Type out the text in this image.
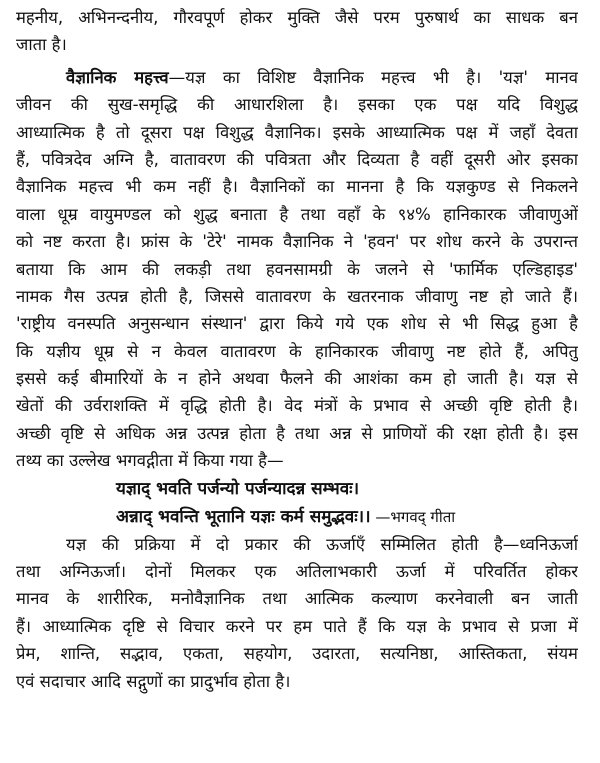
महनीय, अभिनन्दनीय, गौरवपूर्ण होकर मुक्ति जैसे परम पुरुषार्थ का साधक बन
जाता है।
वैज्ञानिक महत्त्व—यज्ञ का विशिष्ट वैज्ञानिक महत्त्व भी है। 'यज्ञ' मानव
जीवन की सुख-समृद्धि की आधारशिला है। इसका एक पक्ष यदि विशुद्ध
आध्यात्मिक है तो दूसरा पक्ष विशुद्ध वैज्ञानिक। इसके आध्यात्मिक पक्ष में जहाँ देवता
हैं, पवित्रदेव अग्नि है, वातावरण की पवित्रता और दिव्यता है वहीं दूसरी ओर इसका
वैज्ञानिक महत्त्व भी कम नहीं है। वैज्ञानिकों का मानना है कि यज्ञकुण्ड से निकलने
वाला धूम्र वायुमण्डल को शुद्ध बनाता है तथा वहाँ के ९४% हानिकारक जीवाणुओं
को नष्ट करता है। फ्रांस के 'टेरे' नामक वैज्ञानिक ने 'हवन' पर शोध करने के उपरान्त
बताया कि आम की लकड़ी तथा हवनसामग्री के जलने से 'फार्मिक एल्डिहाइड'
नामक गैस उत्पन्न होती है, जिससे वातावरण के खतरनाक जीवाणु नष्ट हो जाते हैं।
'राष्ट्रीय वनस्पति अनुसन्धान संस्थान' द्वारा किये गये एक शोध से भी सिद्ध हुआ है
कि यज्ञीय धूम्र से न केवल वातावरण के हानिकारक जीवाणु नष्ट होते हैं, अपितु
इससे कई बीमारियों के न होने अथवा फैलने की आशंका कम हो जाती है। यज्ञ से
खेतों की उर्वराशक्ति में वृद्धि होती है। वेद मंत्रों के प्रभाव से अच्छी वृष्टि होती है।
अच्छी वृष्टि से अधिक अन्न उत्पन्न होता है तथा अन्न से प्राणियों की रक्षा होती है। इस
तथ्य का उल्लेख भगवद्गीता में किया गया है—
यज्ञाद् भवति पर्जन्यो पर्जन्यादन्न सम्भवः।
अन्नाद् भवन्ति भूतानि यज्ञः कर्म समुद्भवः।। —भगवद् गीता
यज्ञ की प्रक्रिया में दो प्रकार की ऊर्जाएँ सम्मिलित होती है—ध्वनिऊर्जा
तथा अग्निऊर्जा। दोनों मिलकर एक अतिलाभकारी ऊर्जा में परिवर्तित होकर
मानव के शारीरिक, मनोवैज्ञानिक तथा आत्मिक कल्याण करनेवाली बन जाती
हैं। आध्यात्मिक दृष्टि से विचार करने पर हम पाते हैं कि यज्ञ के प्रभाव से प्रजा में
प्रेम, शान्ति, सद्भाव, एकता, सहयोग, उदारता, सत्यनिष्ठा, आस्तिकता, संयम
एवं सदाचार आदि सद्गुणों का प्रादुर्भाव होता है।
